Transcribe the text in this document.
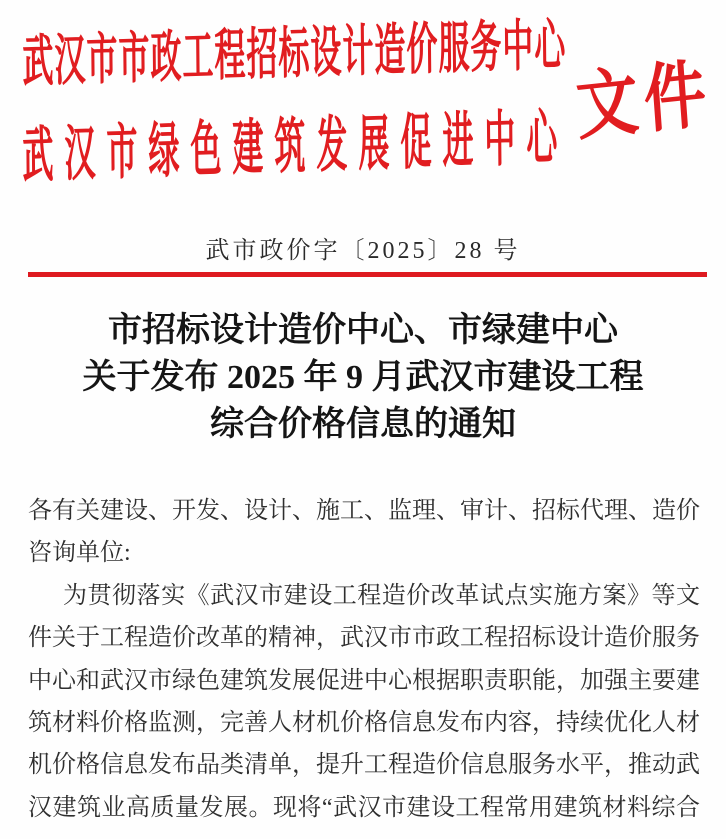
武汉市市政工程招标设计造价服务中心
武汉市绿色建筑发展促进中心 文件
武市政价字〔2025〕28 号
市招标设计造价中心、市绿建中心
关于发布 2025 年 9 月武汉市建设工程
综合价格信息的通知
各有关建设、开发、设计、施工、监理、审计、招标代理、造价
咨询单位:
为贯彻落实《武汉市建设工程造价改革试点实施方案》等文
件关于工程造价改革的精神，武汉市市政工程招标设计造价服务
中心和武汉市绿色建筑发展促进中心根据职责职能，加强主要建
筑材料价格监测，完善人材机价格信息发布内容，持续优化人材
机价格信息发布品类清单，提升工程造价信息服务水平，推动武
汉建筑业高质量发展。现将“武汉市建设工程常用建筑材料综合
